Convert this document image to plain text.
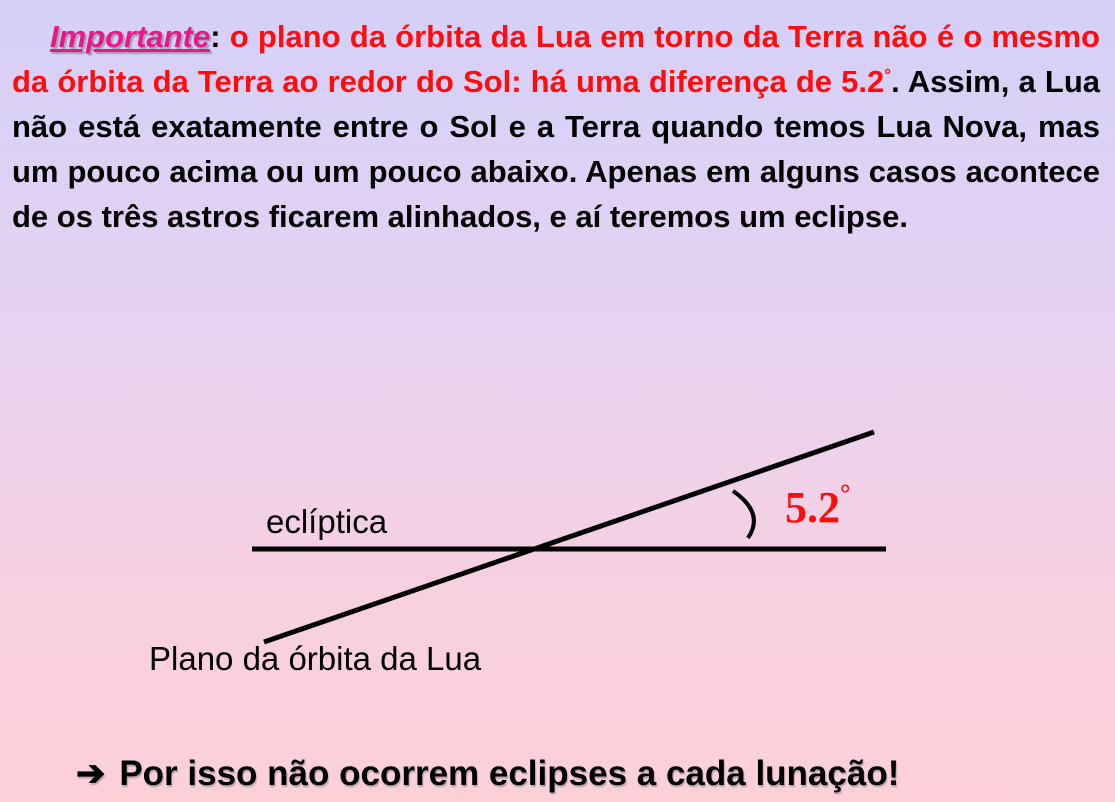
Importante: o plano da órbita da Lua em torno da Terra não é o mesmo da órbita da Terra ao redor do Sol: há uma diferença de 5.2°. Assim, a Lua não está exatamente entre o Sol e a Terra quando temos Lua Nova, mas um pouco acima ou um pouco abaixo. Apenas em alguns casos acontece de os três astros ficarem alinhados, e aí teremos um eclipse.

eclíptica

Plano da órbita da Lua

5.2°

➔ Por isso não ocorrem eclipses a cada lunação!
